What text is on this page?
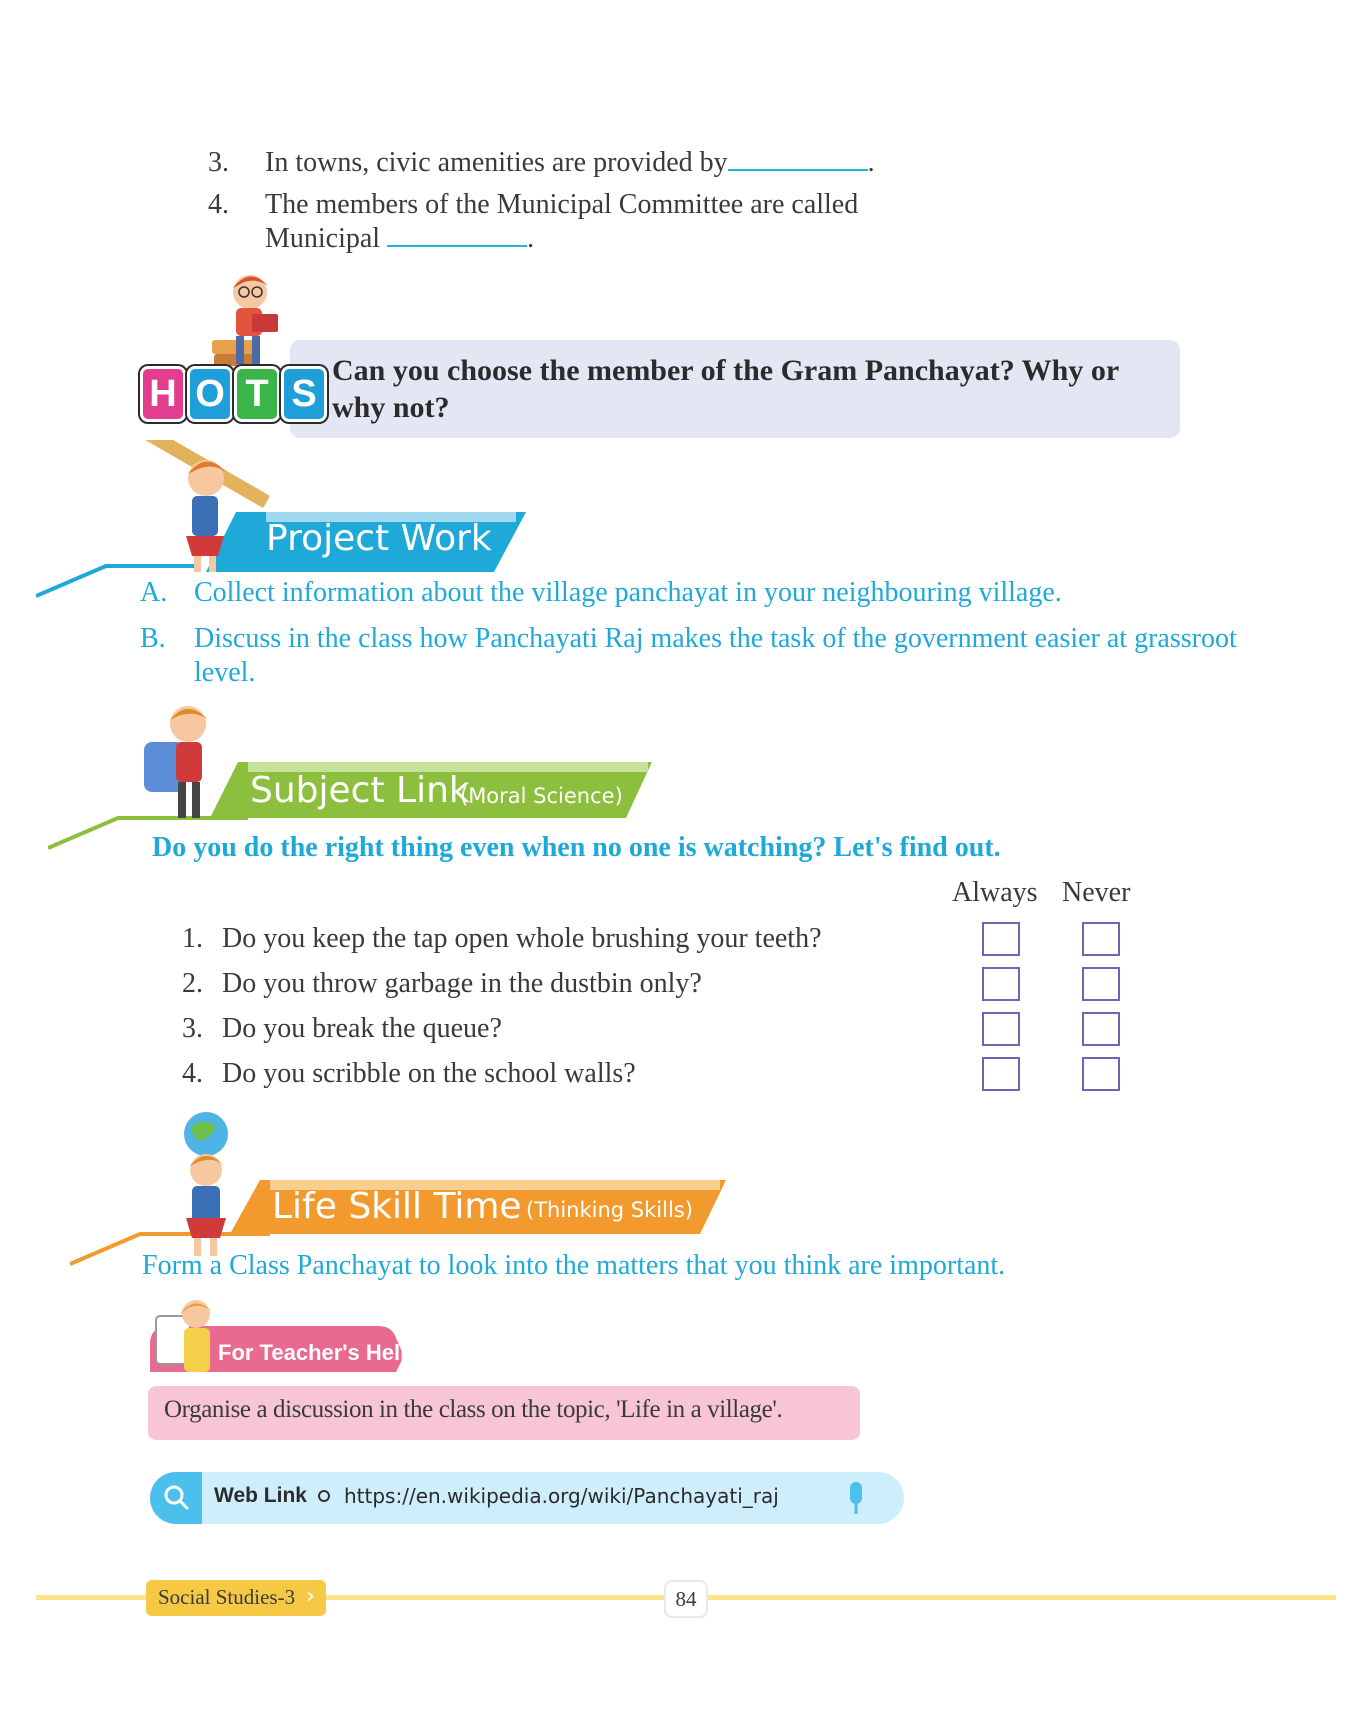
3. In towns, civic amenities are provided by	.
4. The members of the Municipal Committee are called
Municipal	.
H O T S
Can you choose the member of the Gram Panchayat? Why or why not?
Project Work
A. Collect information about the village panchayat in your neighbouring village.
B. Discuss in the class how Panchayati Raj makes the task of the government easier at grassroot level.
Subject Link
(Moral Science)
Do you do the right thing even when no one is watching? Let's find out.
Always Never
1. Do you keep the tap open whole brushing your teeth?
2. Do you throw garbage in the dustbin only?
3. Do you break the queue?
4. Do you scribble on the school walls?
Life Skill Time (Thinking Skills)
Form a Class Panchayat to look into the matters that you think are important.
For Teacher's Help
Organise a discussion in the class on the topic, 'Life in a village'.
Web Link https://en.wikipedia.org/wiki/Panchayati_raj
Social Studies-3 ›	84
